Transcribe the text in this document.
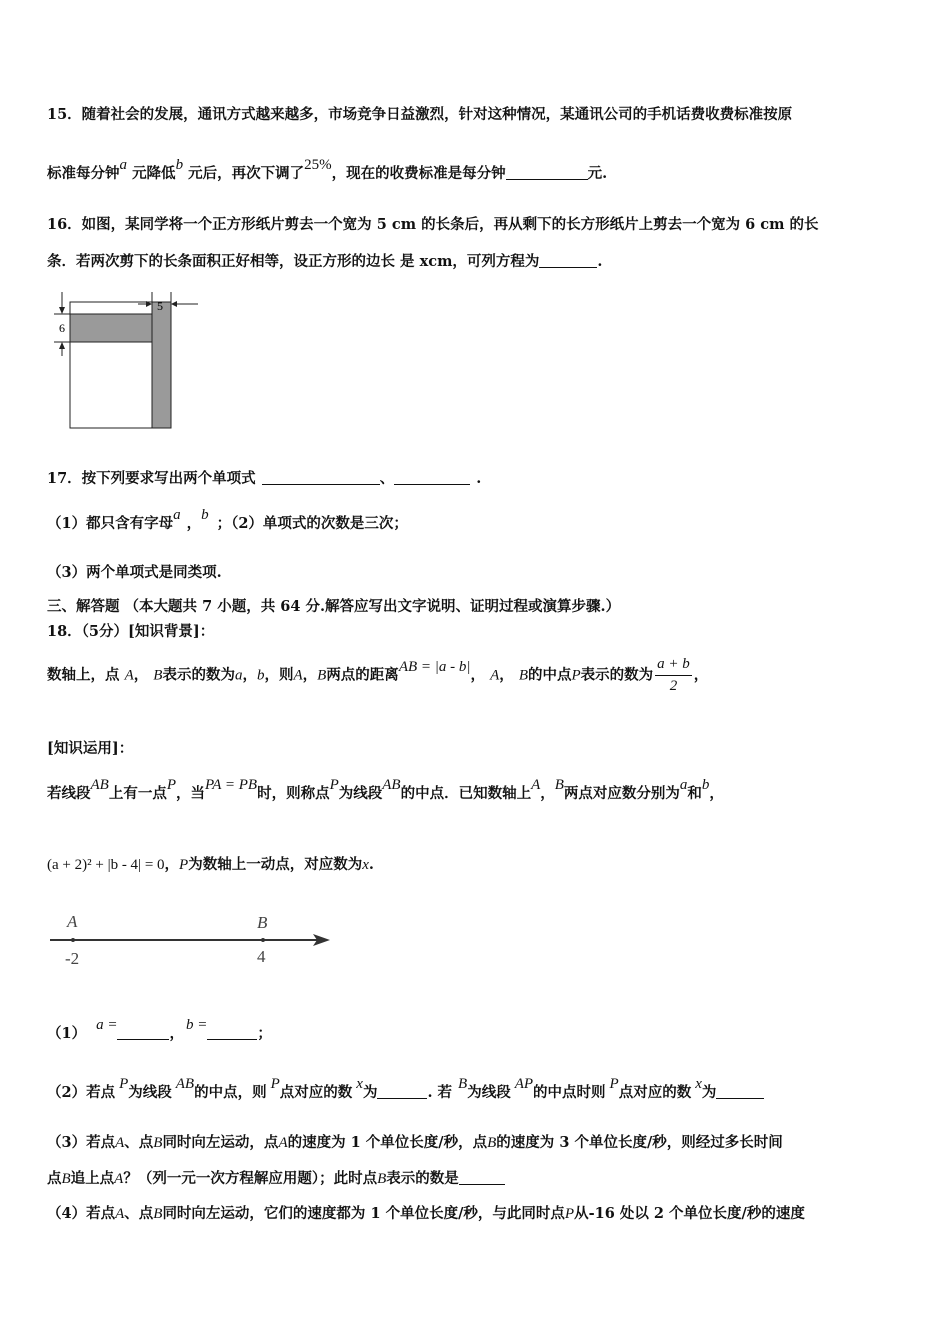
15．随着社会的发展，通讯方式越来越多，市场竞争日益激烈，针对这种情况，某通讯公司的手机话费收费标准按原
标准每分钟a 元降低b 元后，再次下调了25%，现在的收费标准是每分钟	元.
16．如图，某同学将一个正方形纸片剪去一个宽为 5 cm 的长条后，再从剩下的长方形纸片上剪去一个宽为 6 cm 的长
条．若两次剪下的长条面积正好相等，设正方形的边长 是 xcm，可列方程为	.
5
6
17．按下列要求写出两个单项式	、	.
（1）都只含有字母a ，b ；（2）单项式的次数是三次；
（3）两个单项式是同类项.
三、解答题 （本大题共 7 小题，共 64 分.解答应写出文字说明、证明过程或演算步骤.）
18．（5分）[知识背景]：
数轴上，点 A， B表示的数为a，b，则A，B两点的距离AB = |a - b|， A， B的中点P表示的数为 $\frac{a + b}{2}$ ，
[知识运用]：
若线段AB上有一点P，当PA = PB时，则称点P为线段AB的中点．已知数轴上A，B两点对应数分别为a和b，
(a + 2)² + |b - 4| = 0，P为数轴上一动点，对应数为x.
A	B
-2	4
（1） a =	， b =	；
（2）若点 P为线段 AB的中点，则 P点对应的数 x为	. 若 B为线段 AP的中点时则 P点对应的数 x为
（3）若点A、点B同时向左运动，点A的速度为 1 个单位长度/秒，点B的速度为 3 个单位长度/秒，则经过多长时间
点B追上点A？（列一元一次方程解应用题）；此时点B表示的数是
（4）若点A、点B同时向左运动，它们的速度都为 1 个单位长度/秒，与此同时点P从-16 处以 2 个单位长度/秒的速度
